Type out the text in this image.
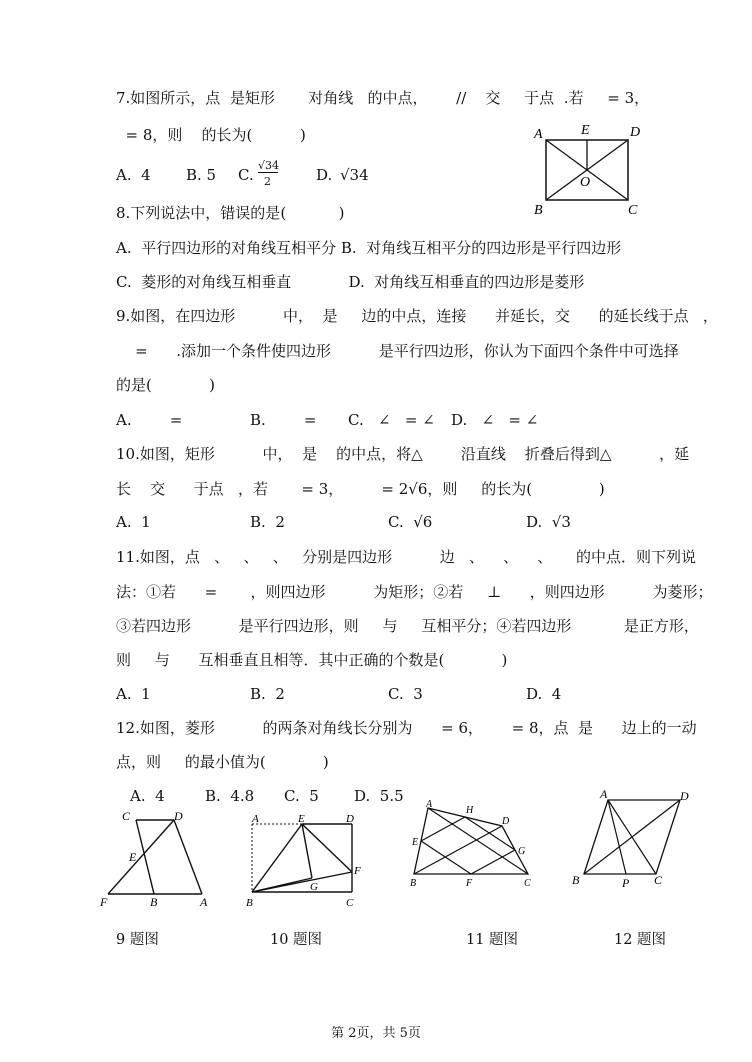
7.如图所示，点  是矩形       对角线   的中点，      //    交     于点  .若     = 3，
= 8，则    的长为(          )
A.  4 B. 5 C.
√34
2	D. √34
A	E	D
O
B	C
8.下列说法中，错误的是(           )
A.  平行四边形的对角线互相平分 B.  对角线互相平分的四边形是平行四边形
C.  菱形的对角线互相垂直            D.  对角线互相垂直的四边形是菱形
9.如图，在四边形          中，  是     边的中点，连接      并延长，交      的延长线于点   ，
=      .添加一个条件使四边形          是平行四边形，你认为下面四个条件中可选择
的是(            )
A.        =	B.        = C.   ∠   = ∠ D.   ∠   = ∠
10.如图，矩形          中，  是    的中点，将△        沿直线    折叠后得到△          ，延
长    交      于点   ，若       = 3，        = 2√6，则     的长为(              )
A.  1	B.  2	C.  √6	D.  √3
11.如图，点   、   、   、   分别是四边形          边   、    、    、     的中点．则下列说
法：①若      =       ，则四边形          为矩形；②若     ⊥      ，则四边形          为菱形；
③若四边形          是平行四边形，则     与     互相平分；④若四边形           是正方形，
则     与      互相垂直且相等．其中正确的个数是(            )
A.  1	B.  2	C.  3	D.  4
12.如图，菱形          的两条对角线长分别为      = 6，      = 8，点  是      边上的一动
点，则     的最小值为(            )
A.  4	B.  4.8 C.  5 D.  5.5
C	D
E
F	B	A
A	E	D
F
G
B	C
A
H
D
E
G
B	F	C
A	D
B	P C
9 题图	10 题图	11 题图	12 题图
第 2页，共 5页
